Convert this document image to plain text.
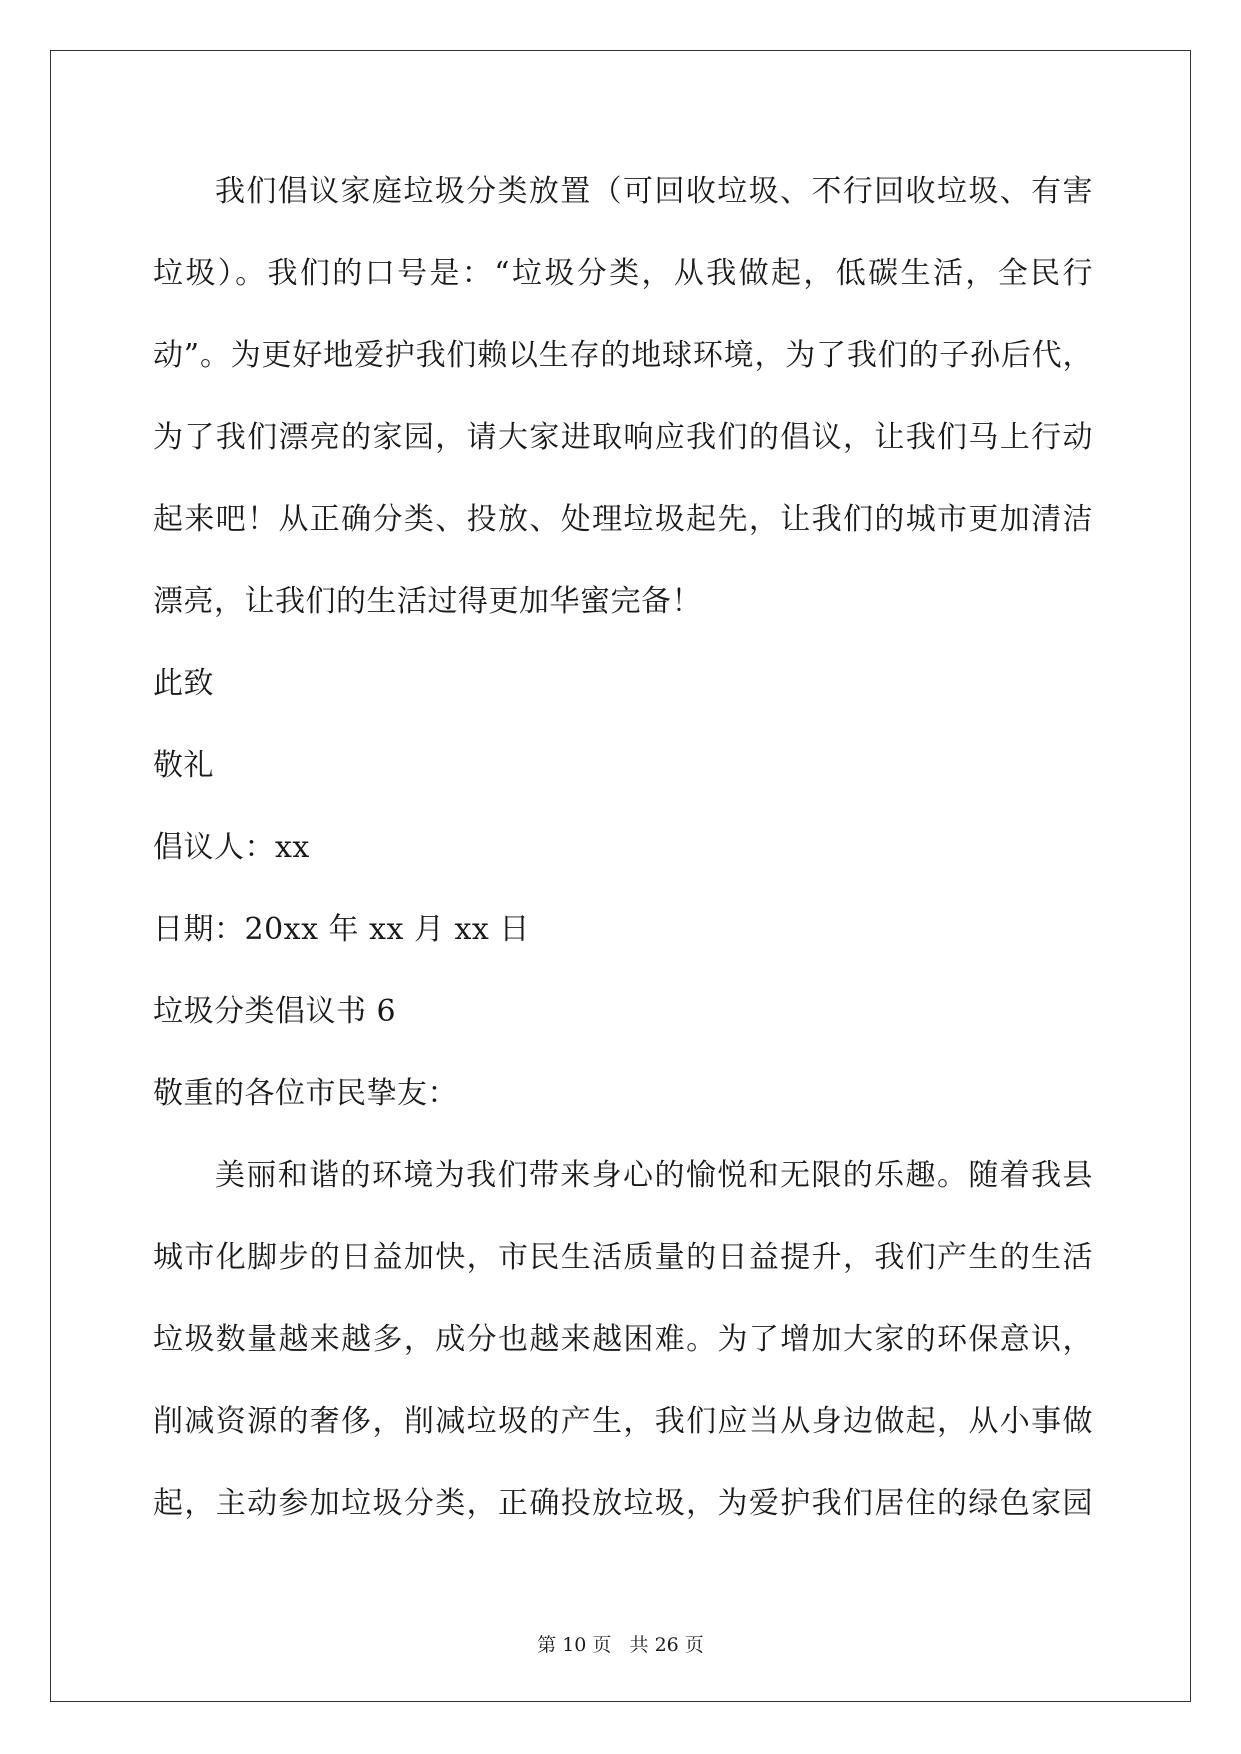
我们倡议家庭垃圾分类放置（可回收垃圾、不行回收垃圾、有害
垃圾）。我们的口号是：“垃圾分类，从我做起，低碳生活，全民行
动”。为更好地爱护我们赖以生存的地球环境，为了我们的子孙后代，
为了我们漂亮的家园，请大家进取响应我们的倡议，让我们马上行动
起来吧！从正确分类、投放、处理垃圾起先，让我们的城市更加清洁
漂亮，让我们的生活过得更加华蜜完备！
此致
敬礼
倡议人：xx
日期：20xx 年 xx 月 xx 日
垃圾分类倡议书 6
敬重的各位市民挚友：
美丽和谐的环境为我们带来身心的愉悦和无限的乐趣。随着我县
城市化脚步的日益加快，市民生活质量的日益提升，我们产生的生活
垃圾数量越来越多，成分也越来越困难。为了增加大家的环保意识，
削减资源的奢侈，削减垃圾的产生，我们应当从身边做起，从小事做
起，主动参加垃圾分类，正确投放垃圾，为爱护我们居住的绿色家园
第 10 页   共 26 页
